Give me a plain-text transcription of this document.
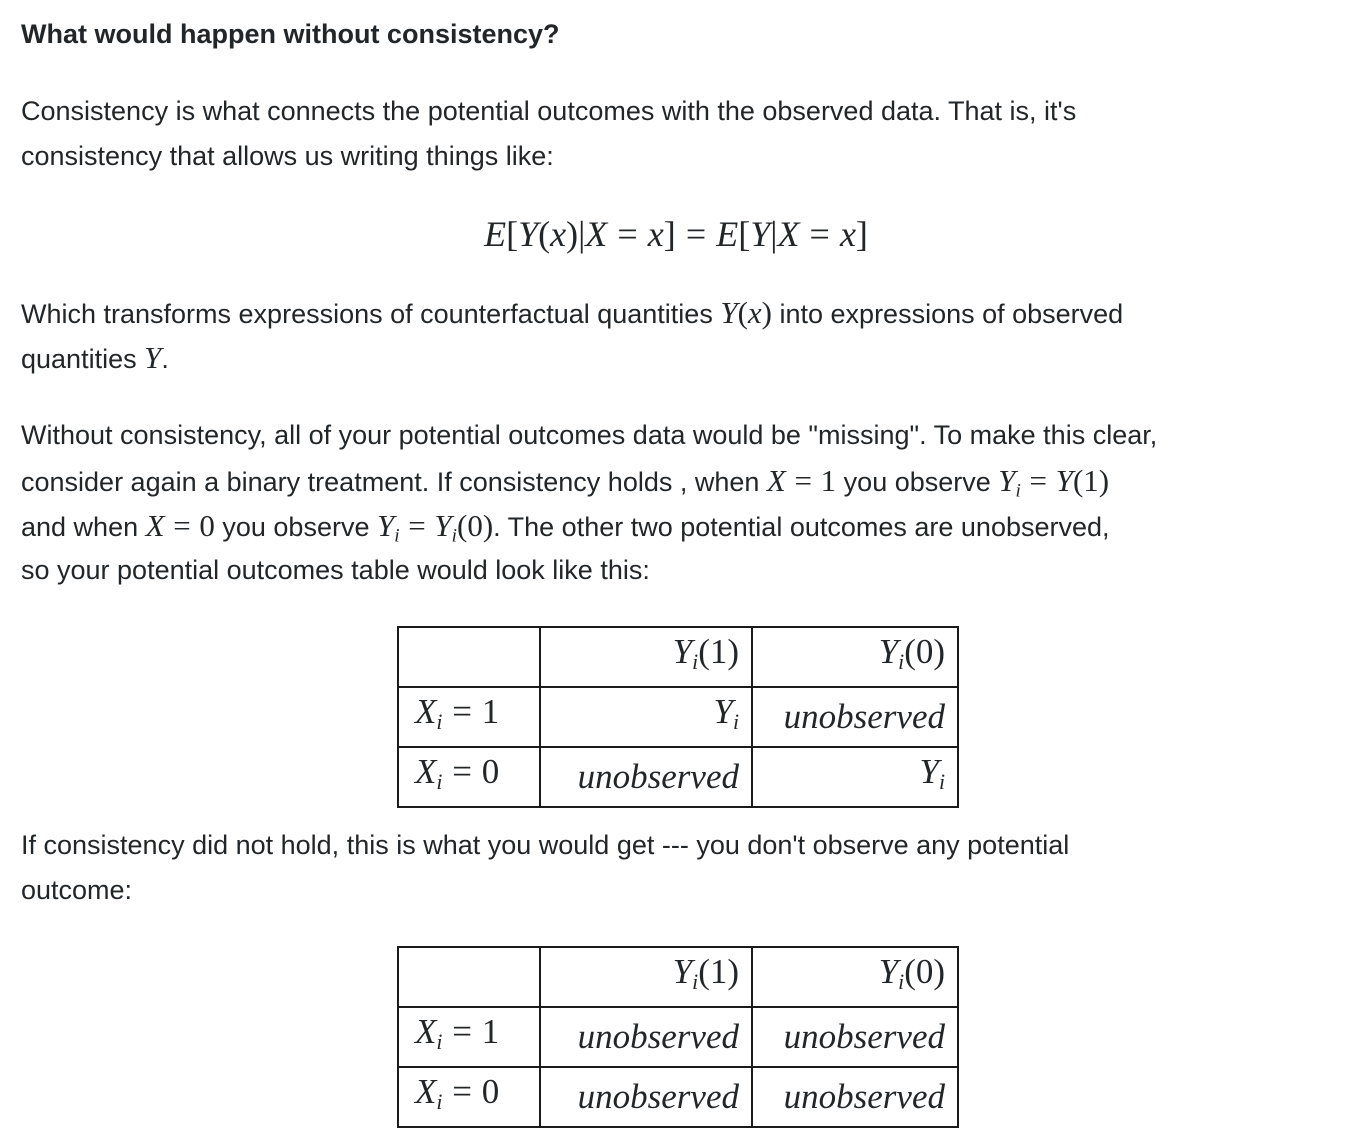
What would happen without consistency?

Consistency is what connects the potential outcomes with the observed data. That is, it's

consistency that allows us writing things like:

E[Y(x)|X = x] = E[Y|X = x]

Which transforms expressions of counterfactual quantities Y(x) into expressions of observed

quantities Y.

Without consistency, all of your potential outcomes data would be "missing". To make this clear,

consider again a binary treatment. If consistency holds , when X = 1 you observe $Y_i = Y(1)$

and when X = 0 you observe $Y_i = Y_i(0)$. The other two potential outcomes are unobserved,

so your potential outcomes table would look like this:

	$Y_i(1)$	$Y_i(0)$
$X_i = 1$	$Y_i$	unobserved
$X_i = 0$	unobserved	$Y_i$

If consistency did not hold, this is what you would get --- you don't observe any potential

outcome:

	$Y_i(1)$	$Y_i(0)$
$X_i = 1$	unobserved	unobserved
$X_i = 0$	unobserved	unobserved
